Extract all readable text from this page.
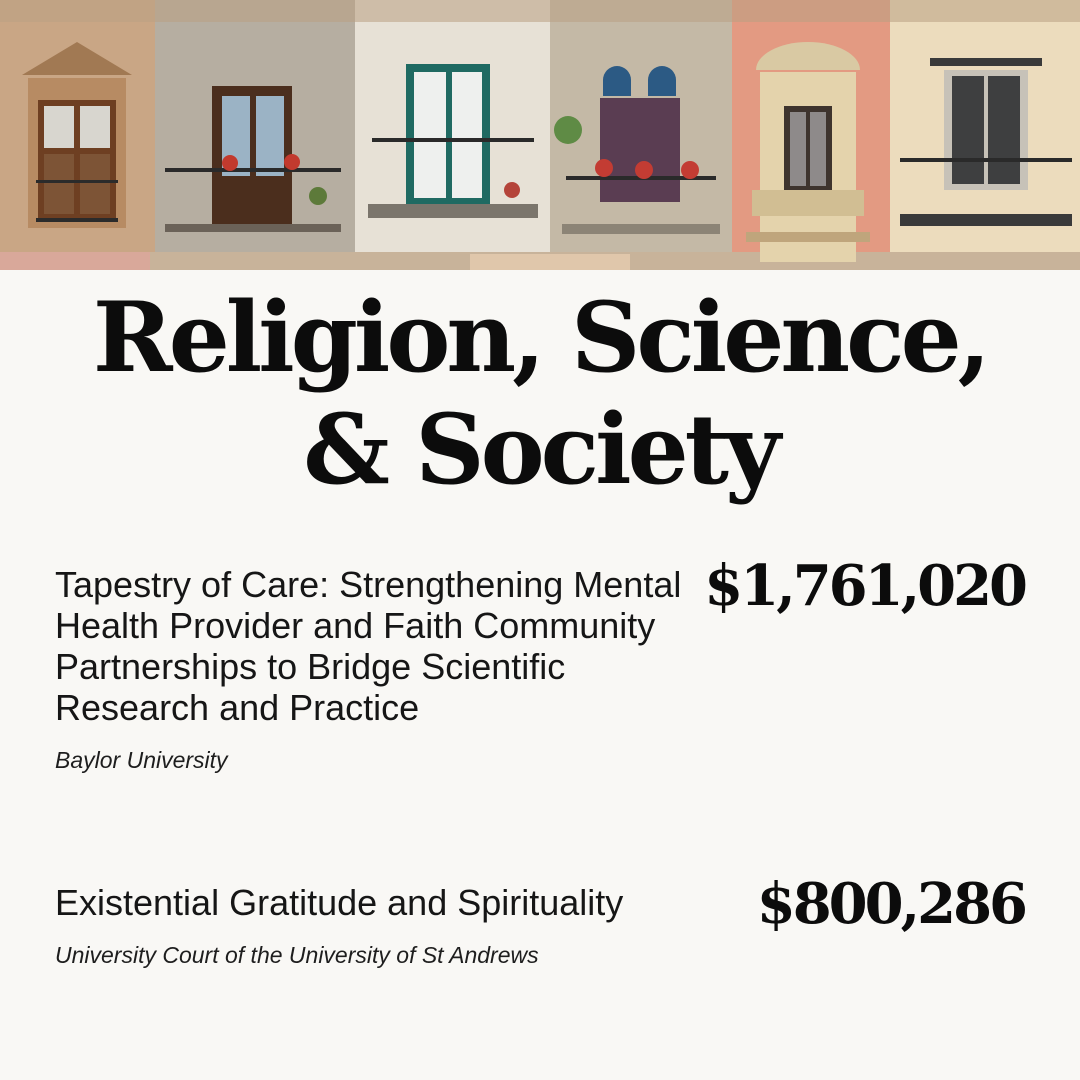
Religion, Science,
& Society
Tapestry of Care: Strengthening Mental Health Provider and Faith Community Partnerships to Bridge Scientific Research and Practice
Baylor University
$1,761,020
Existential Gratitude and Spirituality
University Court of the University of St Andrews
$800,286
